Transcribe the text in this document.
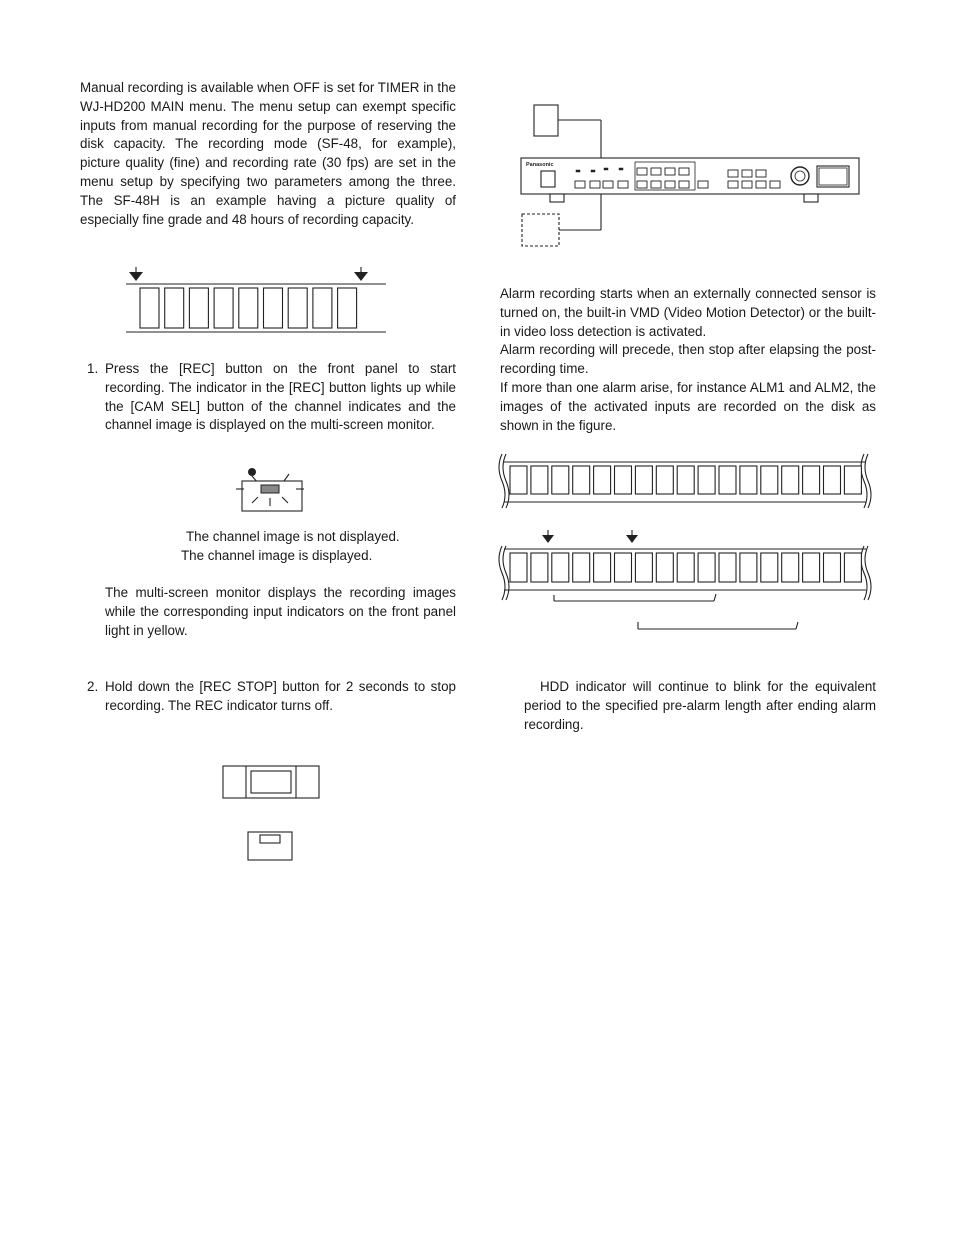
Manual recording is available when OFF is set for TIMER in the WJ-HD200 MAIN menu. The menu setup can exempt specific inputs from manual recording for the purpose of reserving the disk capacity. The recording mode (SF-48, for example), picture quality (fine) and recording rate (30 fps) are set in the menu setup by specifying two parameters among the three. The SF-48H is an example having a picture quality of especially fine grade and 48 hours of recording capacity.
1. Press the [REC] button on the front panel to start recording. The indicator in the [REC] button lights up while the [CAM SEL] button of the channel indicates and the channel image is displayed on the multi-screen monitor.
The channel image is not displayed.
The channel image is displayed.
The multi-screen monitor displays the recording images while the corresponding input indicators on the front panel light in yellow.
2. Hold down the [REC STOP] button for 2 seconds to stop recording. The REC indicator turns off.
Panasonic
Alarm recording starts when an externally connected sensor is turned on, the built-in VMD (Video Motion Detector) or the built-in video loss detection is activated.
Alarm recording will precede, then stop after elapsing the post-recording time.
If more than one alarm arise, for instance ALM1 and ALM2, the images of the activated inputs are recorded on the disk as shown in the figure.
HDD indicator will continue to blink for the equivalent period to the specified pre-alarm length after ending alarm recording.
